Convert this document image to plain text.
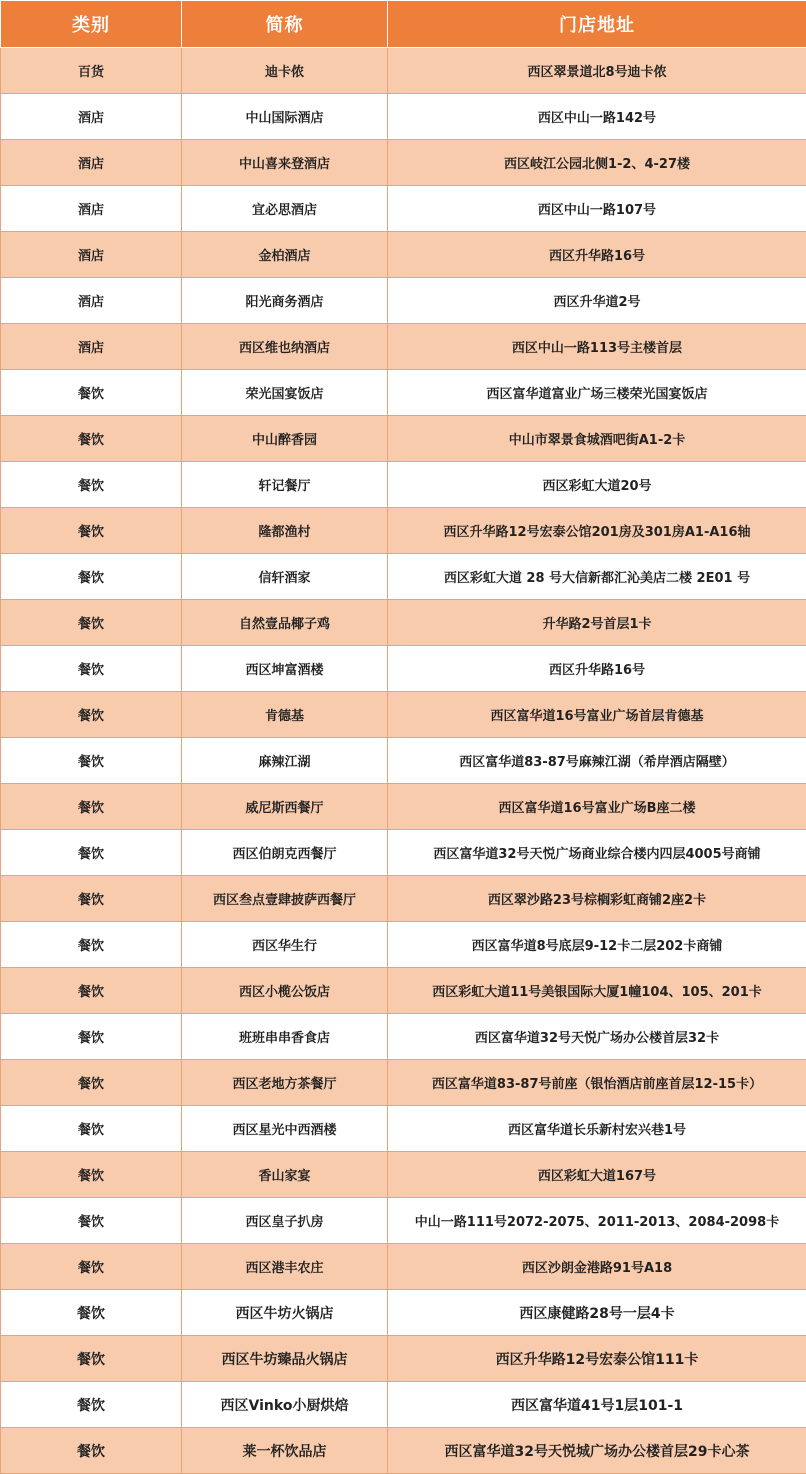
类别	简称	门店地址
百货	迪卡侬	西区翠景道北8号迪卡侬
酒店	中山国际酒店	西区中山一路142号
酒店	中山喜来登酒店	西区岐江公园北侧1-2、4-27楼
酒店	宜必思酒店	西区中山一路107号
酒店	金柏酒店	西区升华路16号
酒店	阳光商务酒店	西区升华道2号
酒店	西区维也纳酒店	西区中山一路113号主楼首层
餐饮	荣光国宴饭店	西区富华道富业广场三楼荣光国宴饭店
餐饮	中山醉香园	中山市翠景食城酒吧街A1-2卡
餐饮	轩记餐厅	西区彩虹大道20号
餐饮	隆都渔村	西区升华路12号宏泰公馆201房及301房A1-A16轴
餐饮	信轩酒家	西区彩虹大道 28 号大信新都汇沁美店二楼 2E01 号
餐饮	自然壹品椰子鸡	升华路2号首层1卡
餐饮	西区坤富酒楼	西区升华路16号
餐饮	肯德基	西区富华道16号富业广场首层肯德基
餐饮	麻辣江湖	西区富华道83-87号麻辣江湖（希岸酒店隔壁）
餐饮	威尼斯西餐厅	西区富华道16号富业广场B座二楼
餐饮	西区伯朗克西餐厅	西区富华道32号天悦广场商业综合楼内四层4005号商铺
餐饮	西区叁点壹肆披萨西餐厅	西区翠沙路23号棕榈彩虹商铺2座2卡
餐饮	西区华生行	西区富华道8号底层9-12卡二层202卡商铺
餐饮	西区小榄公饭店	西区彩虹大道11号美银国际大厦1幢104、105、201卡
餐饮	班班串串香食店	西区富华道32号天悦广场办公楼首层32卡
餐饮	西区老地方茶餐厅	西区富华道83-87号前座（银怡酒店前座首层12-15卡）
餐饮	西区星光中西酒楼	西区富华道长乐新村宏兴巷1号
餐饮	香山家宴	西区彩虹大道167号
餐饮	西区皇子扒房	中山一路111号2072-2075、2011-2013、2084-2098卡
餐饮	西区港丰农庄	西区沙朗金港路91号A18
餐饮	西区牛坊火锅店	西区康健路28号一层4卡
餐饮	西区牛坊臻品火锅店	西区升华路12号宏泰公馆111卡
餐饮	西区Vinko小厨烘焙	西区富华道41号1层101-1
餐饮	莱一杯饮品店	西区富华道32号天悦城广场办公楼首层29卡心茶
